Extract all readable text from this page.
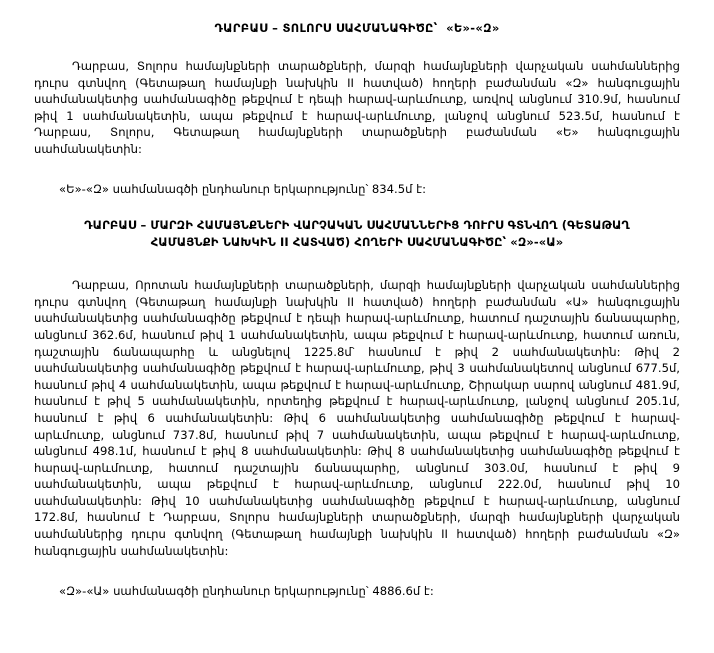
ԴԱՐԲԱՍ – ՏՈԼՈՐՍ ՍԱՀՄԱՆԱԳԻԾԸ՝  «Ե»-«Զ»

Դարբաս, Տոլորս համայնքների տարածքների, մարզի համայնքների վարչական սահմաններից դուրս գտնվող (Գետաթաղ համայնքի նախկին II հատված) հողերի բաժանման «Զ» հանգուցային սահմանակետից սահմանագիծը թեքվում է դեպի հարավ-արևմուտք, առվով անցնում 310.9մ, հասնում թիվ 1 սահմանակետին, ապա թեքվում է հարավ-արևմուտք, լանջով անցնում 523.5մ, հասնում է Դարբաս, Տոլորս, Գետաթաղ համայնքների տարածքների բաժանման «Ե» հանգուցային սահմանակետին:

«Ե»-«Զ» սահմանագծի ընդհանուր երկարությունը՝ 834.5մ է:

ԴԱՐԲԱՍ – ՄԱՐԶԻ ՀԱՄԱՅՆՔՆԵՐԻ ՎԱՐՉԱԿԱՆ ՍԱՀՄԱՆՆԵՐԻՑ ԴՈՒՐՍ ԳՏՆՎՈՂ (ԳԵՏԱԹԱՂ
ՀԱՄԱՅՆՔԻ ՆԱԽԿԻՆ II ՀԱՏՎԱԾ) ՀՈՂԵՐԻ ՍԱՀՄԱՆԱԳԻԾԸ՝ «Զ»-«Ա»

Դարբաս, Որոտան համայնքների տարածքների, մարզի համայնքների վարչական սահմաններից դուրս գտնվող (Գետաթաղ համայնքի նախկին II հատված) հողերի բաժանման «Ա» հանգուցային սահմանակետից սահմանագիծը թեքվում է դեպի հարավ-արևմուտք, հատում դաշտային ճանապարհը, անցնում 362.6մ, հասնում թիվ 1 սահմանակետին, ապա թեքվում է հարավ-արևմուտք, հատում առուն, դաշտային ճանապարհը և անցնելով 1225.8մ՝ հասնում է թիվ 2 սահմանակետին: Թիվ 2 սահմանակետից սահմանագիծը թեքվում է հարավ-արևմուտք, թիվ 3 սահմանակետով անցնում 677.5մ, հասնում թիվ 4 սահմանակետին, ապա թեքվում է հարավ-արևմուտք, Շիրակար սարով անցնում 481.9մ, հասնում է թիվ 5 սահմանակետին, որտեղից թեքվում է հարավ-արևմուտք, լանջով անցնում 205.1մ, հասնում է թիվ 6 սահմանակետին: Թիվ 6 սահմանակետից սահմանագիծը թեքվում է հարավ-արևմուտք, անցնում 737.8մ, հասնում թիվ 7 սահմանակետին, ապա թեքվում է հարավ-արևմուտք, անցնում 498.1մ, հասնում է թիվ 8 սահմանակետին: Թիվ 8 սահմանակետից սահմանագիծը թեքվում է հարավ-արևմուտք, հատում դաշտային ճանապարհը, անցնում 303.0մ, հասնում է թիվ 9 սահմանակետին, ապա թեքվում է հարավ-արևմուտք, անցնում 222.0մ, հասնում թիվ 10 սահմանակետին: Թիվ 10 սահմանակետից սահմանագիծը թեքվում է հարավ-արևմուտք, անցնում 172.8մ, հասնում է Դարբաս, Տոլորս համայնքների տարածքների, մարզի համայնքների վարչական սահմաններից դուրս գտնվող (Գետաթաղ համայնքի նախկին II հատված) հողերի բաժանման «Զ» հանգուցային սահմանակետին:

«Զ»-«Ա» սահմանագծի ընդհանուր երկարությունը՝ 4886.6մ է:
